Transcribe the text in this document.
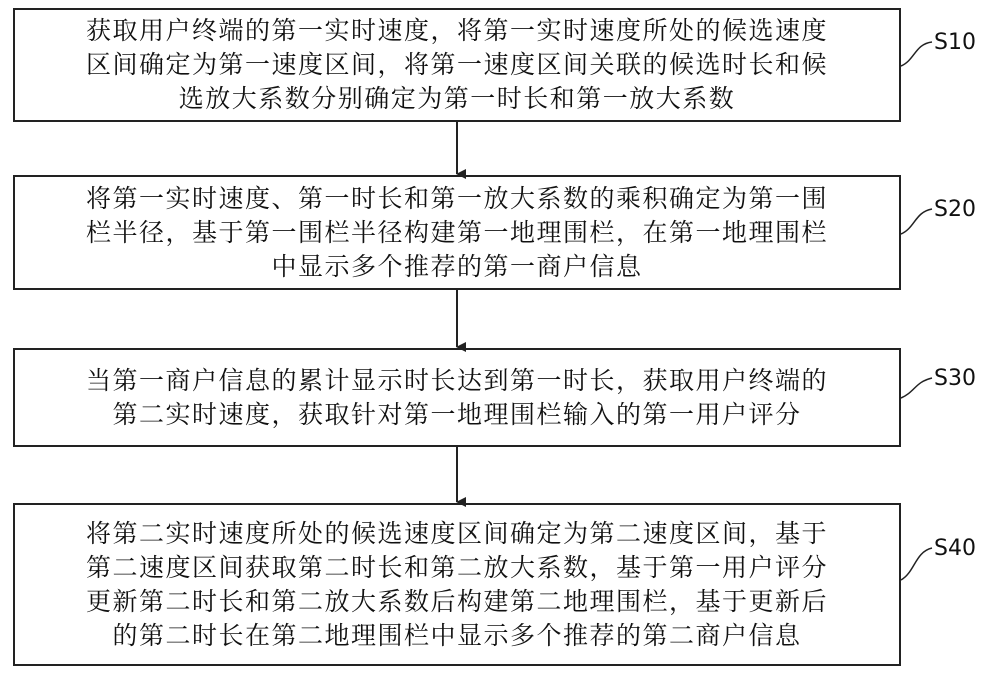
获取用户终端的第一实时速度，将第一实时速度所处的候选速度
区间确定为第一速度区间，将第一速度区间关联的候选时长和候
选放大系数分别确定为第一时长和第一放大系数
将第一实时速度、第一时长和第一放大系数的乘积确定为第一围
栏半径，基于第一围栏半径构建第一地理围栏，在第一地理围栏
中显示多个推荐的第一商户信息
当第一商户信息的累计显示时长达到第一时长，获取用户终端的
第二实时速度，获取针对第一地理围栏输入的第一用户评分
将第二实时速度所处的候选速度区间确定为第二速度区间，基于
第二速度区间获取第二时长和第二放大系数，基于第一用户评分
更新第二时长和第二放大系数后构建第二地理围栏，基于更新后
的第二时长在第二地理围栏中显示多个推荐的第二商户信息
S10
S20
S30
S40
